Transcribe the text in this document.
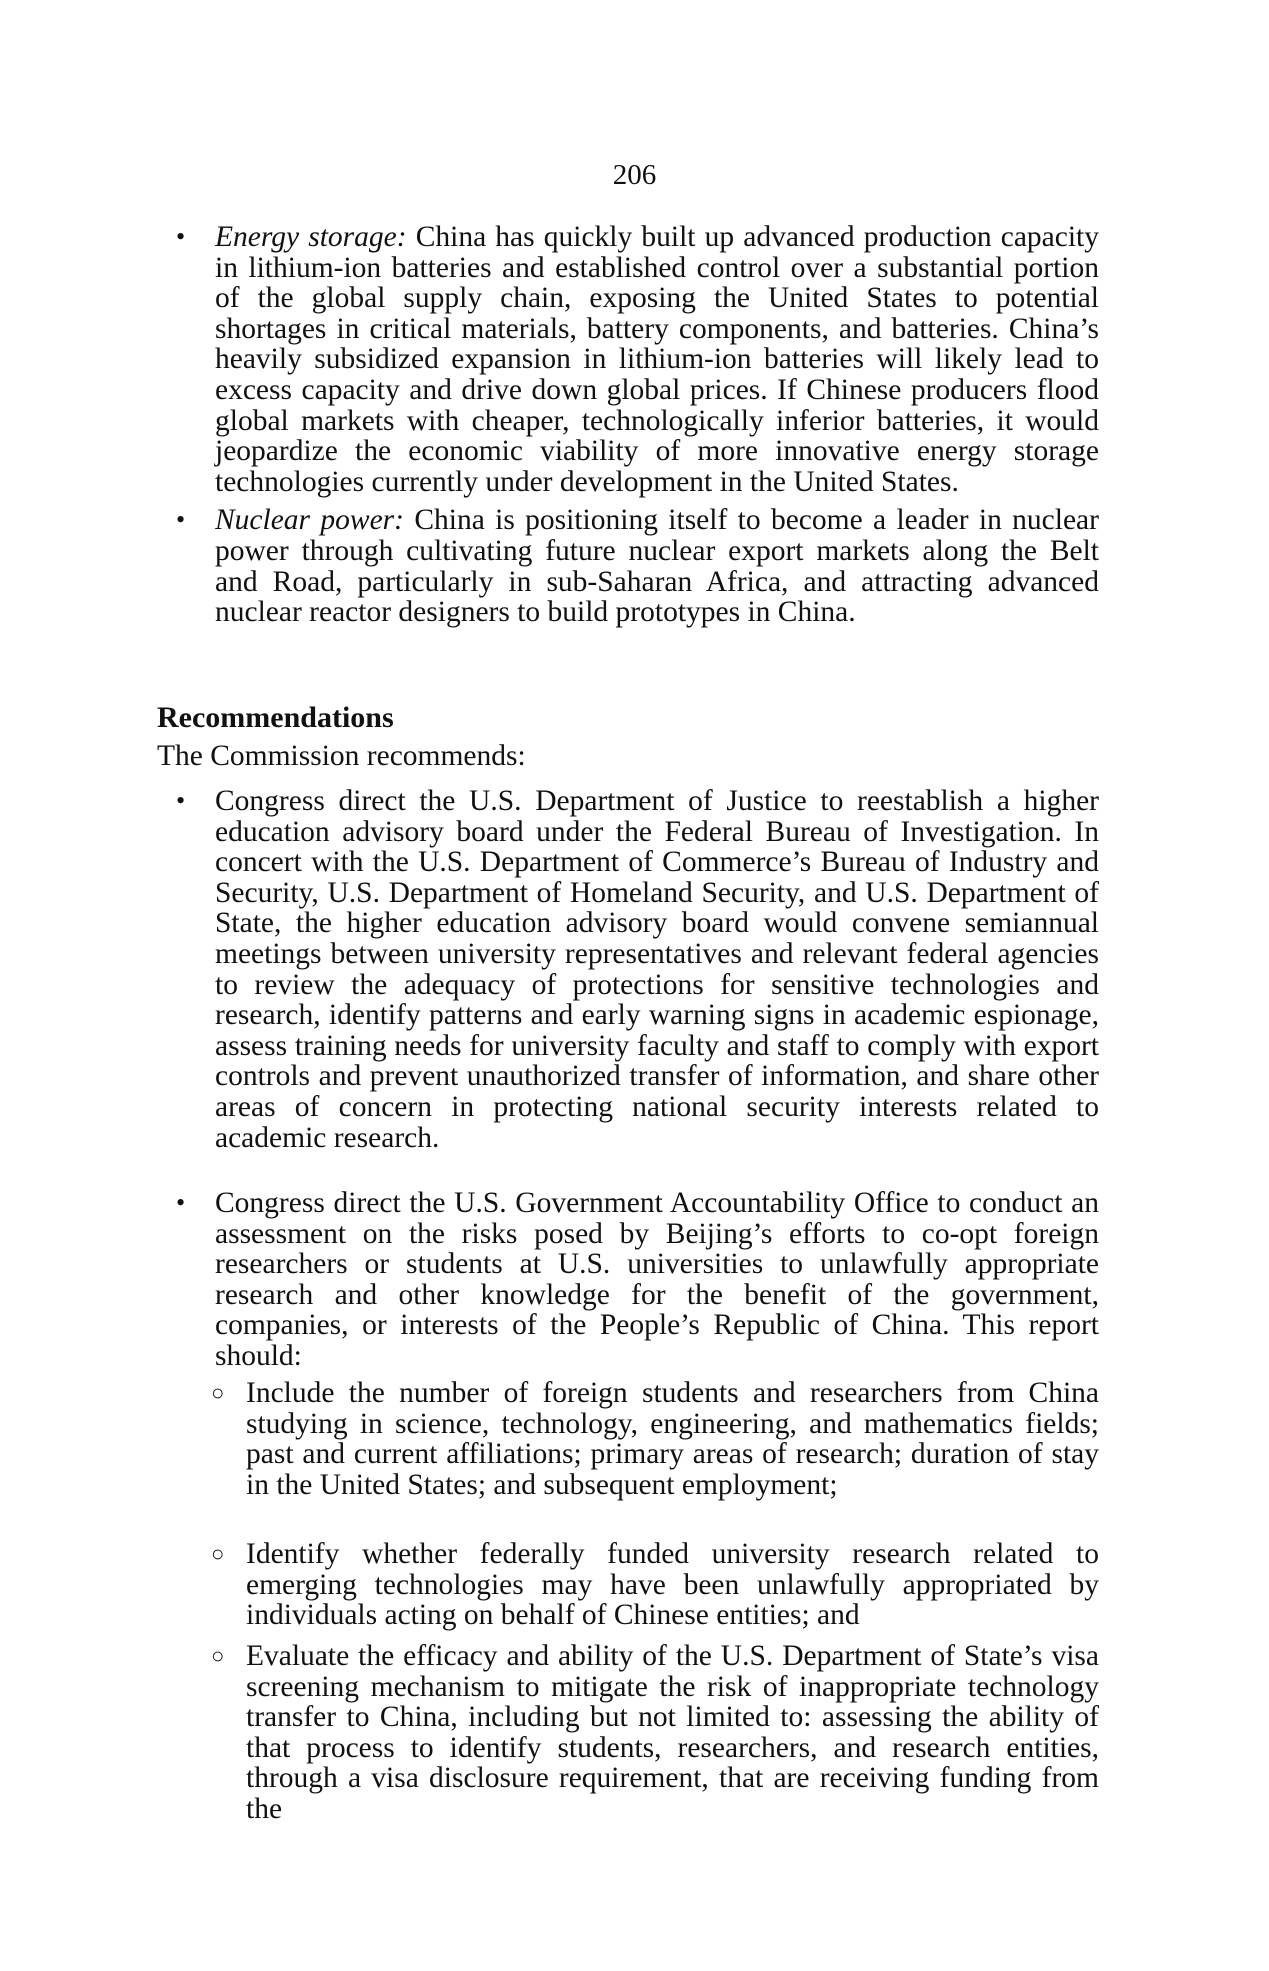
206
• Energy storage: China has quickly built up advanced production capacity in lithium-ion batteries and established control over a substantial portion of the global supply chain, exposing the United States to potential shortages in critical materials, battery components, and batteries. China’s heavily subsidized expansion in lithium-ion batteries will likely lead to excess capacity and drive down global prices. If Chinese producers flood global markets with cheaper, technologically inferior batteries, it would jeopardize the economic viability of more innovative energy storage technologies currently under development in the United States.
• Nuclear power: China is positioning itself to become a leader in nuclear power through cultivating future nuclear export markets along the Belt and Road, particularly in sub-Saharan Africa, and attracting advanced nuclear reactor designers to build prototypes in China.
Recommendations

The Commission recommends:

• Congress direct the U.S. Department of Justice to reestablish a higher education advisory board under the Federal Bureau of Investigation. In concert with the U.S. Department of Commerce’s Bureau of Industry and Security, U.S. Department of Homeland Security, and U.S. Department of State, the higher education advisory board would convene semiannual meetings between university representatives and relevant federal agencies to review the adequacy of protections for sensitive technologies and research, identify patterns and early warning signs in academic espionage, assess training needs for university faculty and staff to comply with export controls and prevent unauthorized transfer of information, and share other areas of concern in protecting national security interests related to academic research.
• Congress direct the U.S. Government Accountability Office to conduct an assessment on the risks posed by Beijing’s efforts to co-opt foreign researchers or students at U.S. universities to unlawfully appropriate research and other knowledge for the benefit of the government, companies, or interests of the People’s Republic of China. This report should:
○ Include the number of foreign students and researchers from China studying in science, technology, engineering, and mathematics fields; past and current affiliations; primary areas of research; duration of stay in the United States; and subsequent employment;
○ Identify whether federally funded university research related to emerging technologies may have been unlawfully appropriated by individuals acting on behalf of Chinese entities; and
○ Evaluate the efficacy and ability of the U.S. Department of State’s visa screening mechanism to mitigate the risk of inappropriate technology transfer to China, including but not limited to: assessing the ability of that process to identify students, researchers, and research entities, through a visa disclosure requirement, that are receiving funding from the
